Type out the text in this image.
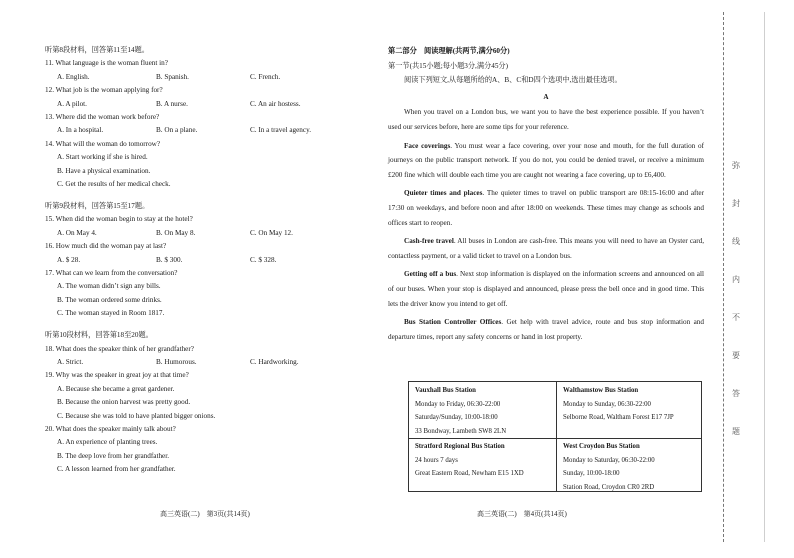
听第8段材料，回答第11至14题。
11. What language is the woman fluent in?
A. English.	B. Spanish.	C. French.
12. What job is the woman applying for?
A. A pilot.	B. A nurse.	C. An air hostess.
13. Where did the woman work before?
A. In a hospital.	B. On a plane.	C. In a travel agency.
14. What will the woman do tomorrow?
A. Start working if she is hired.
B. Have a physical examination.
C. Get the results of her medical check.
听第9段材料，回答第15至17题。
15. When did the woman begin to stay at the hotel?
A. On May 4.	B. On May 8.	C. On May 12.
16. How much did the woman pay at last?
A. $ 28.	B. $ 300.	C. $ 328.
17. What can we learn from the conversation?
A. The woman didn’t sign any bills.
B. The woman ordered some drinks.
C. The woman stayed in Room 1817.
听第10段材料，回答第18至20题。
18. What does the speaker think of her grandfather?
A. Strict.	B. Humorous.	C. Hardworking.
19. Why was the speaker in great joy at that time?
A. Because she became a great gardener.
B. Because the onion harvest was pretty good.
C. Because she was told to have planted bigger onions.
20. What does the speaker mainly talk about?
A. An experience of planting trees.
B. The deep love from her grandfather.
C. A lesson learned from her grandfather.
高三英语(二)　第3页(共14页)
第二部分　阅读理解(共两节,满分60分)
第一节(共15小题;每小题3分,满分45分)
阅读下列短文,从每题所给的A、B、C和D四个选项中,选出最佳选项。
A
When you travel on a London bus, we want you to have the best experience possible. If you haven’t used our services before, here are some tips for your reference.
Face coverings. You must wear a face covering, over your nose and mouth, for the full duration of journeys on the public transport network. If you do not, you could be denied travel, or receive a minimum £200 fine which will double each time you are caught not wearing a face covering, up to £6,400.
Quieter times and places. The quieter times to travel on public transport are 08:15-16:00 and after 17:30 on weekdays, and before noon and after 18:00 on weekends. These times may change as schools and offices start to reopen.
Cash-free travel. All buses in London are cash-free. This means you will need to have an Oyster card, contactless payment, or a valid ticket to travel on a London bus.
Getting off a bus. Next stop information is displayed on the information screens and announced on all of our buses. When your stop is displayed and announced, please press the bell once and in good time. This lets the driver know you intend to get off.
Bus Station Controller Offices. Get help with travel advice, route and bus stop information and departure times, report any safety concerns or hand in lost property.
Vauxhall Bus Station
Monday to Friday, 06:30-22:00
Saturday/Sunday, 10:00-18:00
33 Bondway, Lambeth SW8 2LN
Walthamstow Bus Station
Monday to Sunday, 06:30-22:00
Selborne Road, Waltham Forest E17 7JP
Stratford Regional Bus Station
24 hours 7 days
Great Eastern Road, Newham E15 1XD
West Croydon Bus Station
Monday to Saturday, 06:30-22:00
Sunday, 10:00-18:00
Station Road, Croydon CR0 2RD
高三英语(二)　第4页(共14页)
弥
封
线
内
不
要
答
题
